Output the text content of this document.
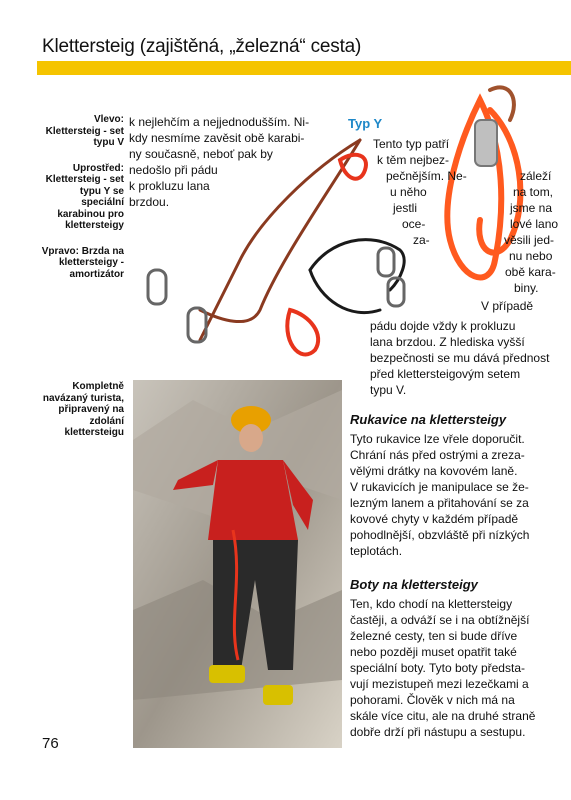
Klettersteig (zajištěná, „železná“ cesta)

Vlevo: Klettersteig - set typu V

Uprostřed: Klettersteig - set typu Y se speciální karabinou pro klettersteigy

Vpravo: Brzda na klettersteigy - amortizátor

Kompletně navázaný turista, připravený na zdolání klettersteigu
k nejlehčím a nejjednodušším. Ni-
kdy nesmíme zavěsit obě karabi-
ny současně, neboť pak by
nedošlo při pádu
k prokluzu lana
brzdou.
Typ Y
pádu dojde vždy k prokluzu
lana brzdou. Z hlediska vyšší
bezpečnosti se mu dává přednost
před klettersteigovým setem
typu V.
Rukavice na klettersteigy
Tyto rukavice lze vřele doporučit.
Chrání nás před ostrými a zreza-
vělými drátky na kovovém laně.
V rukavicích je manipulace se že-
lezným lanem a přitahování se za
kovové chyty v každém případě
pohodlnější, obzvláště při nízkých
teplotách.
Boty na klettersteigy
Ten, kdo chodí na klettersteigy
častěji, a odváží se i na obtížnější
železné cesty, ten si bude dříve
nebo později muset opatřit také
speciální boty. Tyto boty předsta-
vují mezistupeň mezi lezečkami a
pohorami. Člověk v nich má na
skále více citu, ale na druhé straně
dobře drží při nástupu a sestupu.
76
Tento typ patří
k těm nejbez-
pečnějším. Ne-	záleží
u něho	na tom,
jestli	jsme na
oce-	lové lano
za-	věsili jed-
nu nebo
obě kara-
biny.
V případě
